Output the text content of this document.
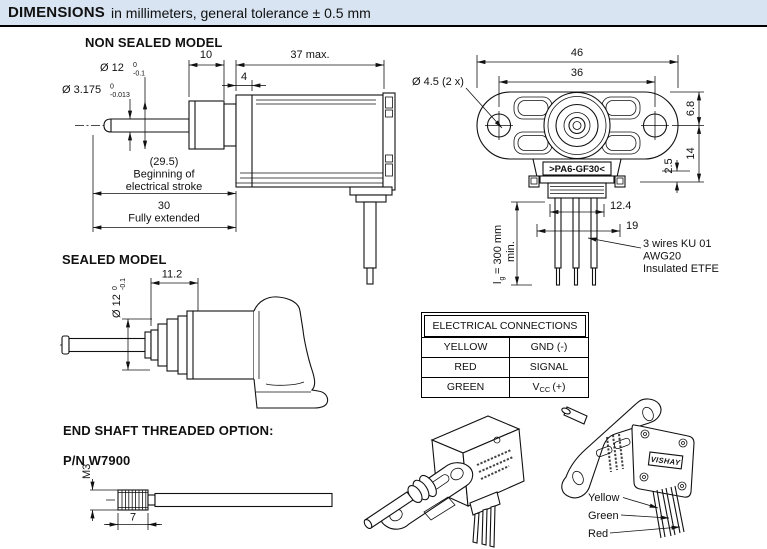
DIMENSIONS in millimeters, general tolerance ± 0.5 mm
NON SEALED MODEL
SEALED MODEL
END SHAFT THREADED OPTION:

P/N W7900
Ø 12 0
-0.1
Ø 3.175 0
-0.013
10	37 max.
4
(29.5)
Beginning of
electrical stroke
30
Fully extended
>PA6-GF30<
46
36
Ø 4.5 (2 x)
6.8
14
2.5
12.4
19
l
g
= 300 mm min.	3 wires KU 01
AWG20
Insulated ETFE
11.2
Ø 12
0 -0.1
M3
7
VISHAY
Yellow
Green
Red
ELECTRICAL CONNECTIONS
YELLOW	GND (-)
RED	SIGNAL
GREEN	$V_{CC}$ (+)
